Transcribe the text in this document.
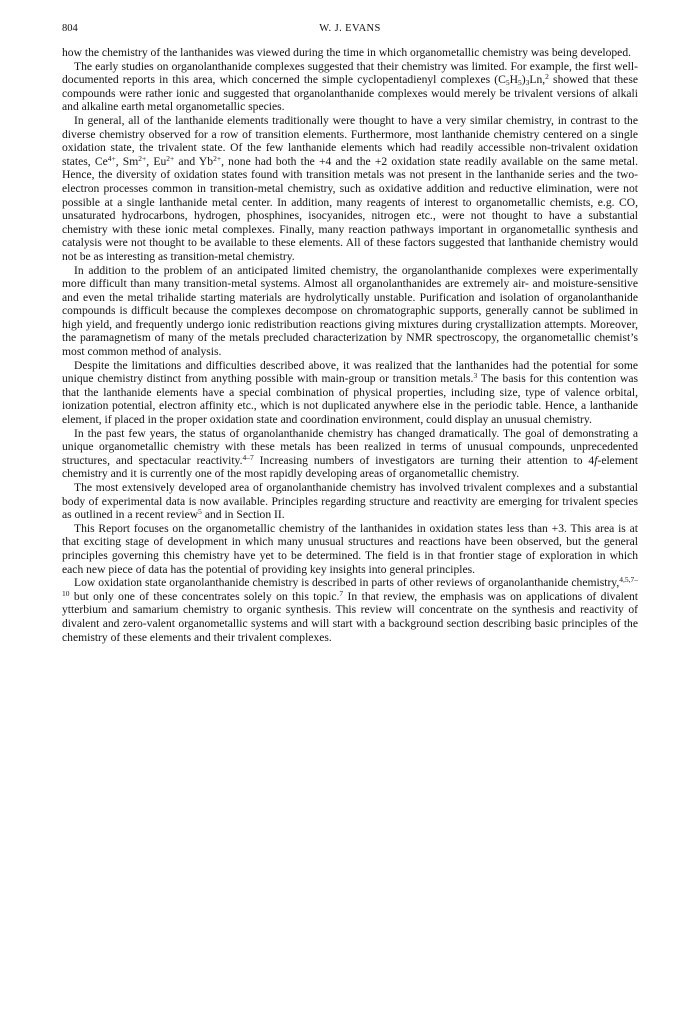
804	W. J. EVANS

how the chemistry of the lanthanides was viewed during the time in which organometallic chemistry was being developed.

The early studies on organolanthanide complexes suggested that their chemistry was limited. For example, the first well-documented reports in this area, which concerned the simple cyclopentadienyl complexes $(C_5H_5)_3Ln,^2$ showed that these compounds were rather ionic and suggested that organolanthanide complexes would merely be trivalent versions of alkali and alkaline earth metal organometallic species.

In general, all of the lanthanide elements traditionally were thought to have a very similar chemistry, in contrast to the diverse chemistry observed for a row of transition elements. Furthermore, most lanthanide chemistry centered on a single oxidation state, the trivalent state. Of the few lanthanide elements which had readily accessible non-trivalent oxidation states, $Ce^{4+}$, $Sm^{2+}$, $Eu^{2+}$ and $Yb^{2+}$, none had both the +4 and the +2 oxidation state readily available on the same metal. Hence, the diversity of oxidation states found with transition metals was not present in the lanthanide series and the two-electron processes common in transition-metal chemistry, such as oxidative addition and reductive elimination, were not possible at a single lanthanide metal center. In addition, many reagents of interest to organometallic chemists, e.g. CO, unsaturated hydrocarbons, hydrogen, phosphines, isocyanides, nitrogen etc., were not thought to have a substantial chemistry with these ionic metal complexes. Finally, many reaction pathways important in organometallic synthesis and catalysis were not thought to be available to these elements. All of these factors suggested that lanthanide chemistry would not be as interesting as transition-metal chemistry.

In addition to the problem of an anticipated limited chemistry, the organolanthanide complexes were experimentally more difficult than many transition-metal systems. Almost all organolanthanides are extremely air- and moisture-sensitive and even the metal trihalide starting materials are hydrolytically unstable. Purification and isolation of organolanthanide compounds is difficult because the complexes decompose on chromatographic supports, generally cannot be sublimed in high yield, and frequently undergo ionic redistribution reactions giving mixtures during crystallization attempts. Moreover, the paramagnetism of many of the metals precluded characterization by NMR spectroscopy, the organometallic chemist’s most common method of analysis.

Despite the limitations and difficulties described above, it was realized that the lanthanides had the potential for some unique chemistry distinct from anything possible with main-group or transition metals.$^3$ The basis for this contention was that the lanthanide elements have a special combination of physical properties, including size, type of valence orbital, ionization potential, electron affinity etc., which is not duplicated anywhere else in the periodic table. Hence, a lanthanide element, if placed in the proper oxidation state and coordination environment, could display an unusual chemistry.

In the past few years, the status of organolanthanide chemistry has changed dramatically. The goal of demonstrating a unique organometallic chemistry with these metals has been realized in terms of unusual compounds, unprecedented structures, and spectacular reactivity.$^{4-7}$ Increasing numbers of investigators are turning their attention to 4f-element chemistry and it is currently one of the most rapidly developing areas of organometallic chemistry.

The most extensively developed area of organolanthanide chemistry has involved trivalent complexes and a substantial body of experimental data is now available. Principles regarding structure and reactivity are emerging for trivalent species as outlined in a recent review$^5$ and in Section II.

This Report focuses on the organometallic chemistry of the lanthanides in oxidation states less than +3. This area is at that exciting stage of development in which many unusual structures and reactions have been observed, but the general principles governing this chemistry have yet to be determined. The field is in that frontier stage of exploration in which each new piece of data has the potential of providing key insights into general principles.

Low oxidation state organolanthanide chemistry is described in parts of other reviews of organolanthanide chemistry,$^{4,5,7-10}$ but only one of these concentrates solely on this topic.$^7$ In that review, the emphasis was on applications of divalent ytterbium and samarium chemistry to organic synthesis. This review will concentrate on the synthesis and reactivity of divalent and zero-valent organometallic systems and will start with a background section describing basic principles of the chemistry of these elements and their trivalent complexes.
